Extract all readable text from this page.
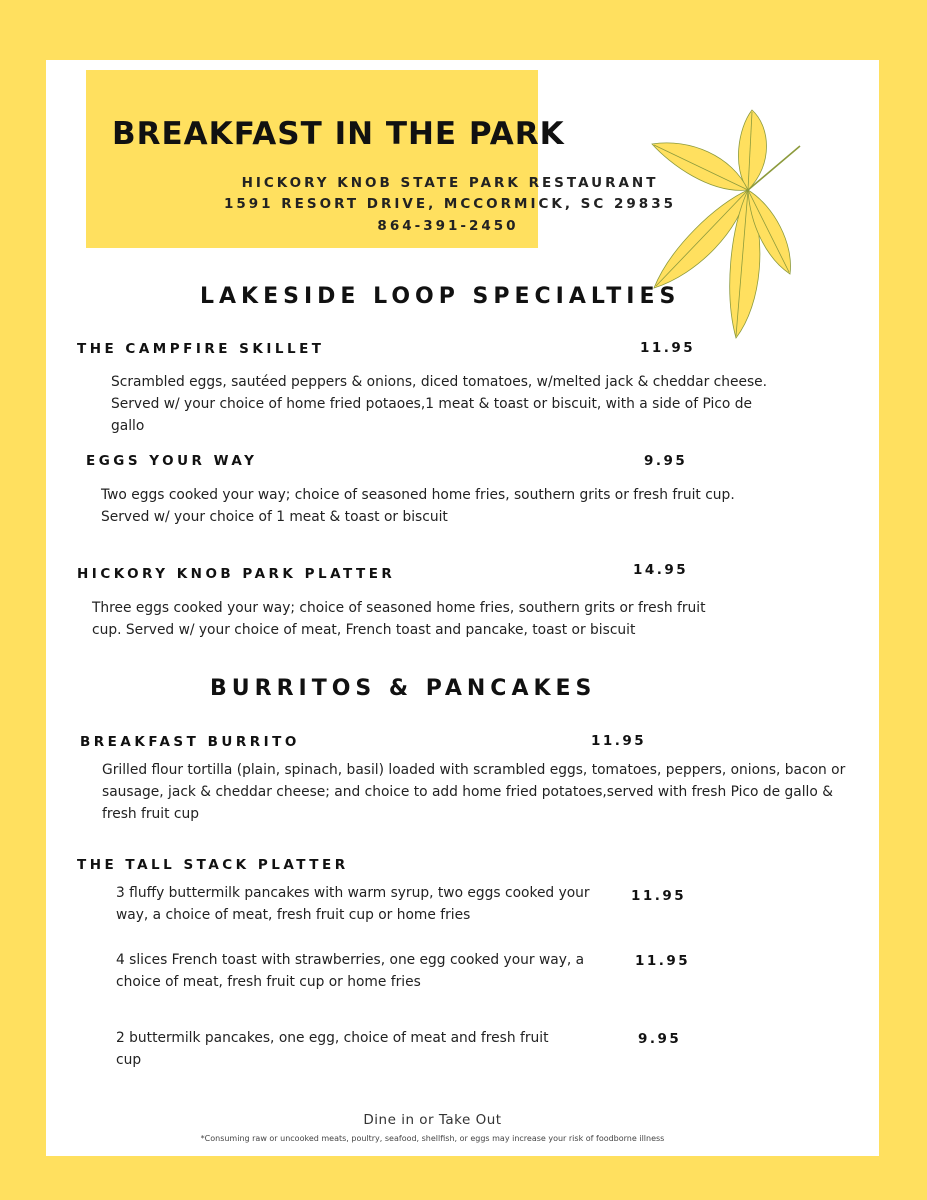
BREAKFAST IN THE PARK
HICKORY KNOB STATE PARK RESTAURANT
1591 RESORT DRIVE, MCCORMICK, SC 29835
864-391-2450
LAKESIDE LOOP SPECIALTIES
THE CAMPFIRE SKILLET	11.95
Scrambled eggs, sautéed peppers & onions, diced tomatoes, w/melted jack & cheddar cheese. Served w/ your choice of home fried potaoes,1 meat & toast or biscuit, with a side of Pico de gallo
EGGS YOUR WAY	9.95
Two eggs cooked your way; choice of seasoned home fries, southern grits or fresh fruit cup. Served w/ your choice of 1 meat & toast or biscuit
HICKORY KNOB PARK PLATTER	14.95
Three eggs cooked your way; choice of seasoned home fries, southern grits or fresh fruit cup. Served w/ your choice of meat, French toast and pancake, toast or biscuit
BURRITOS & PANCAKES
BREAKFAST BURRITO	11.95
Grilled flour tortilla (plain, spinach, basil) loaded with scrambled eggs, tomatoes, peppers, onions, bacon or sausage, jack & cheddar cheese; and choice to add home fried potatoes,served with fresh Pico de gallo & fresh fruit cup
THE TALL STACK PLATTER
3 fluffy buttermilk pancakes with warm syrup, two eggs cooked your way, a choice of meat, fresh fruit cup or home fries
11.95
4 slices French toast with strawberries, one egg cooked your way, a choice of meat, fresh fruit cup or home fries
11.95
2 buttermilk pancakes, one egg, choice of meat and fresh fruit cup
9.95
Dine in or Take Out
*Consuming raw or uncooked meats, poultry, seafood, shellfish, or eggs may increase your risk of foodborne illness
